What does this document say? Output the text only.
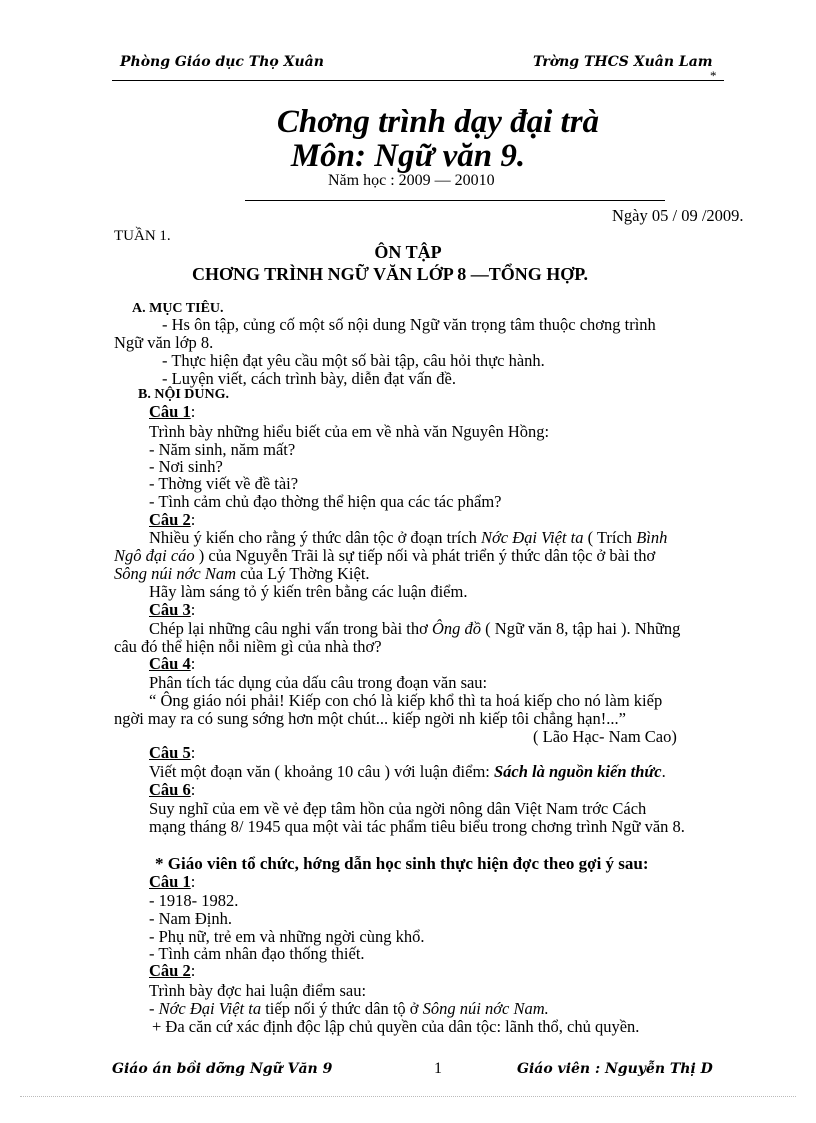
Phòng Giáo dục Thọ Xuân	Trờng THCS Xuân Lam
*
Chơng trình dạy đại trà
Môn: Ngữ văn 9.
Năm học : 2009 — 20010
Ngày 05 / 09 /2009.
TUẦN 1.
ÔN TẬP
CHƠNG TRÌNH NGỮ VĂN LỚP 8 —TỔNG HỢP.
A. MỤC TIÊU.
- Hs ôn tập, củng cố một số nội dung Ngữ văn trọng tâm thuộc chơng trình
Ngữ văn lớp 8.
- Thực hiện đạt yêu cầu một số bài tập, câu hỏi thực hành.
- Luyện viết, cách trình bày, diễn đạt vấn đề.
B. NỘI DUNG.
Câu 1:
Trình bày những hiểu biết của em về nhà văn Nguyên Hồng:
- Năm sinh, năm mất?
- Nơi sinh?
- Thờng viết về đề tài?
- Tình cảm chủ đạo thờng thể hiện qua các tác phẩm?
Câu 2:
Nhiều ý kiến cho rằng ý thức dân tộc ở đoạn trích Nớc Đại Việt ta ( Trích Bình
Ngô đại cáo ) của Nguyễn Trãi là sự tiếp nối và phát triển ý thức dân tộc ở bài thơ
Sông núi nớc Nam của Lý Thờng Kiệt.
Hãy làm sáng tỏ ý kiến trên bằng các luận điểm.
Câu 3:
Chép lại những câu nghi vấn trong bài thơ Ông đồ ( Ngữ văn 8, tập hai ). Những
câu đó thể hiện nỗi niềm gì của nhà thơ?
Câu 4:
Phân tích tác dụng của dấu câu trong đoạn văn sau:
“ Ông giáo nói phải! Kiếp con chó là kiếp khổ thì ta hoá kiếp cho nó làm kiếp
ngời may ra có sung sớng hơn một chút... kiếp ngời nh kiếp tôi chẳng hạn!...”
( Lão Hạc- Nam Cao)
Câu 5:
Viết một đoạn văn ( khoảng 10 câu ) với luận điểm: Sách là nguồn kiến thức.
Câu 6:
Suy nghĩ của em về vẻ đẹp tâm hồn của ngời nông dân Việt Nam trớc Cách
mạng tháng 8/ 1945 qua một vài tác phẩm tiêu biểu trong chơng trình Ngữ văn 8.
* Giáo viên tổ chức, hớng dẫn học sinh thực hiện đợc theo gợi ý sau:
Câu 1:
- 1918- 1982.
- Nam Định.
- Phụ nữ, trẻ em và những ngời cùng khổ.
- Tình cảm nhân đạo thống thiết.
Câu 2:
Trình bày đợc hai luận điểm sau:
- Nớc Đại Việt ta tiếp nối ý thức dân tộ ở Sông núi nớc Nam.
+ Đa căn cứ xác định độc lập chủ quyền của dân tộc: lãnh thổ, chủ quyền.
Giáo án bồi dỡng Ngữ Văn 9	1	Giáo viên : Nguyễn Thị D
